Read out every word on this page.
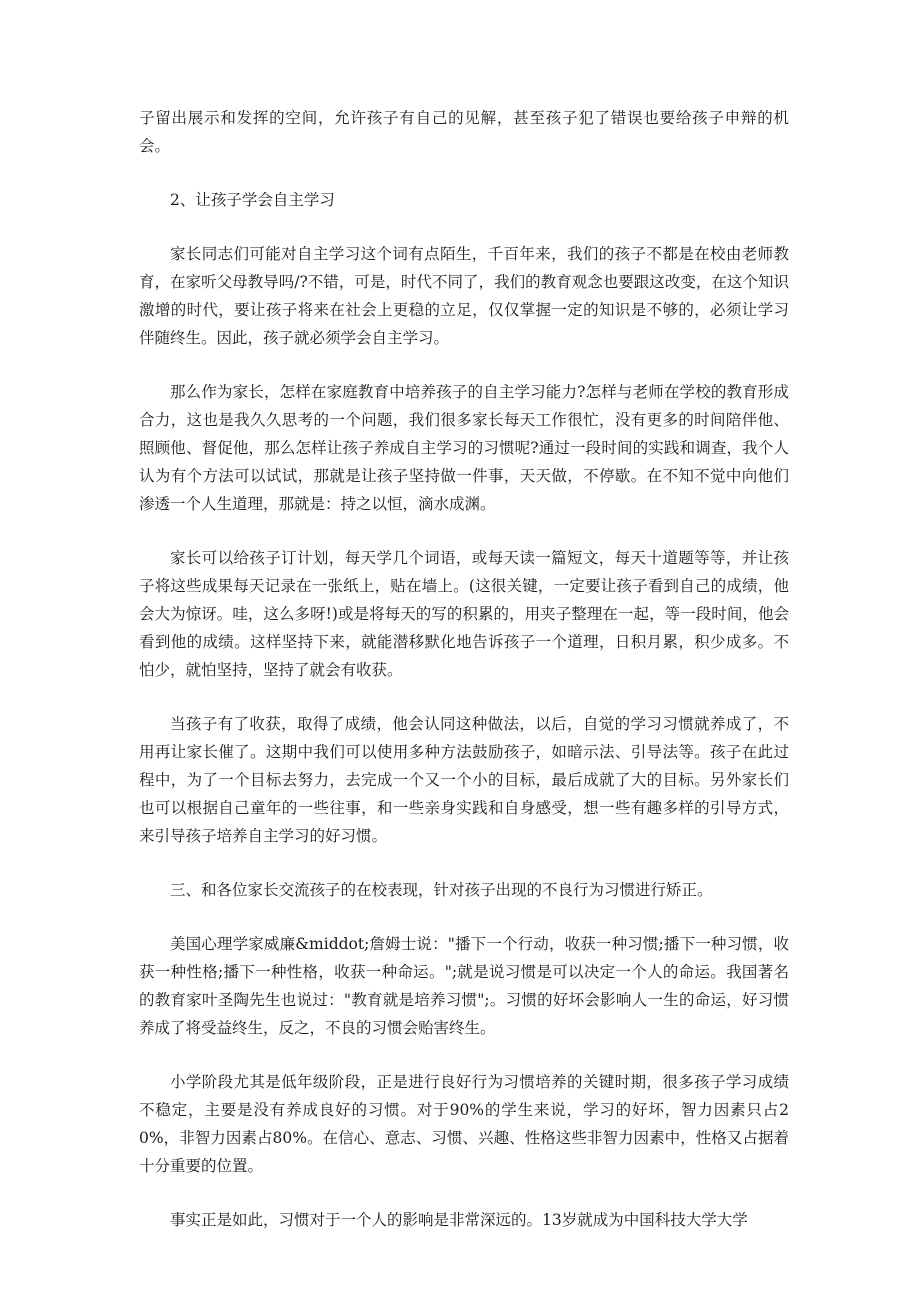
子留出展示和发挥的空间，允许孩子有自己的见解，甚至孩子犯了错误也要给孩子申辩的机会。

2、让孩子学会自主学习

家长同志们可能对自主学习这个词有点陌生，千百年来，我们的孩子不都是在校由老师教育，在家听父母教导吗/?不错，可是，时代不同了，我们的教育观念也要跟这改变，在这个知识激增的时代，要让孩子将来在社会上更稳的立足，仅仅掌握一定的知识是不够的，必须让学习伴随终生。因此，孩子就必须学会自主学习。

那么作为家长，怎样在家庭教育中培养孩子的自主学习能力?怎样与老师在学校的教育形成合力，这也是我久久思考的一个问题，我们很多家长每天工作很忙，没有更多的时间陪伴他、照顾他、督促他，那么怎样让孩子养成自主学习的习惯呢?通过一段时间的实践和调查，我个人认为有个方法可以试试，那就是让孩子坚持做一件事，天天做，不停歇。在不知不觉中向他们渗透一个人生道理，那就是：持之以恒，滴水成渊。

家长可以给孩子订计划，每天学几个词语，或每天读一篇短文，每天十道题等等，并让孩子将这些成果每天记录在一张纸上，贴在墙上。(这很关键，一定要让孩子看到自己的成绩，他会大为惊讶。哇，这么多呀!)或是将每天的写的积累的，用夹子整理在一起，等一段时间，他会看到他的成绩。这样坚持下来，就能潜移默化地告诉孩子一个道理，日积月累，积少成多。不怕少，就怕坚持，坚持了就会有收获。

当孩子有了收获，取得了成绩，他会认同这种做法，以后，自觉的学习习惯就养成了，不用再让家长催了。这期中我们可以使用多种方法鼓励孩子，如暗示法、引导法等。孩子在此过程中，为了一个目标去努力，去完成一个又一个小的目标，最后成就了大的目标。另外家长们也可以根据自己童年的一些往事，和一些亲身实践和自身感受，想一些有趣多样的引导方式，来引导孩子培养自主学习的好习惯。

三、和各位家长交流孩子的在校表现，针对孩子出现的不良行为习惯进行矫正。

美国心理学家威廉&middot;詹姆士说："播下一个行动，收获一种习惯;播下一种习惯，收获一种性格;播下一种性格，收获一种命运。";就是说习惯是可以决定一个人的命运。我国著名的教育家叶圣陶先生也说过："教育就是培养习惯";。习惯的好坏会影响人一生的命运，好习惯养成了将受益终生，反之，不良的习惯会贻害终生。

小学阶段尤其是低年级阶段，正是进行良好行为习惯培养的关键时期，很多孩子学习成绩不稳定，主要是没有养成良好的习惯。对于90%的学生来说，学习的好坏，智力因素只占20%，非智力因素占80%。在信心、意志、习惯、兴趣、性格这些非智力因素中，性格又占据着十分重要的位置。

事实正是如此，习惯对于一个人的影响是非常深远的。13岁就成为中国科技大学大学
